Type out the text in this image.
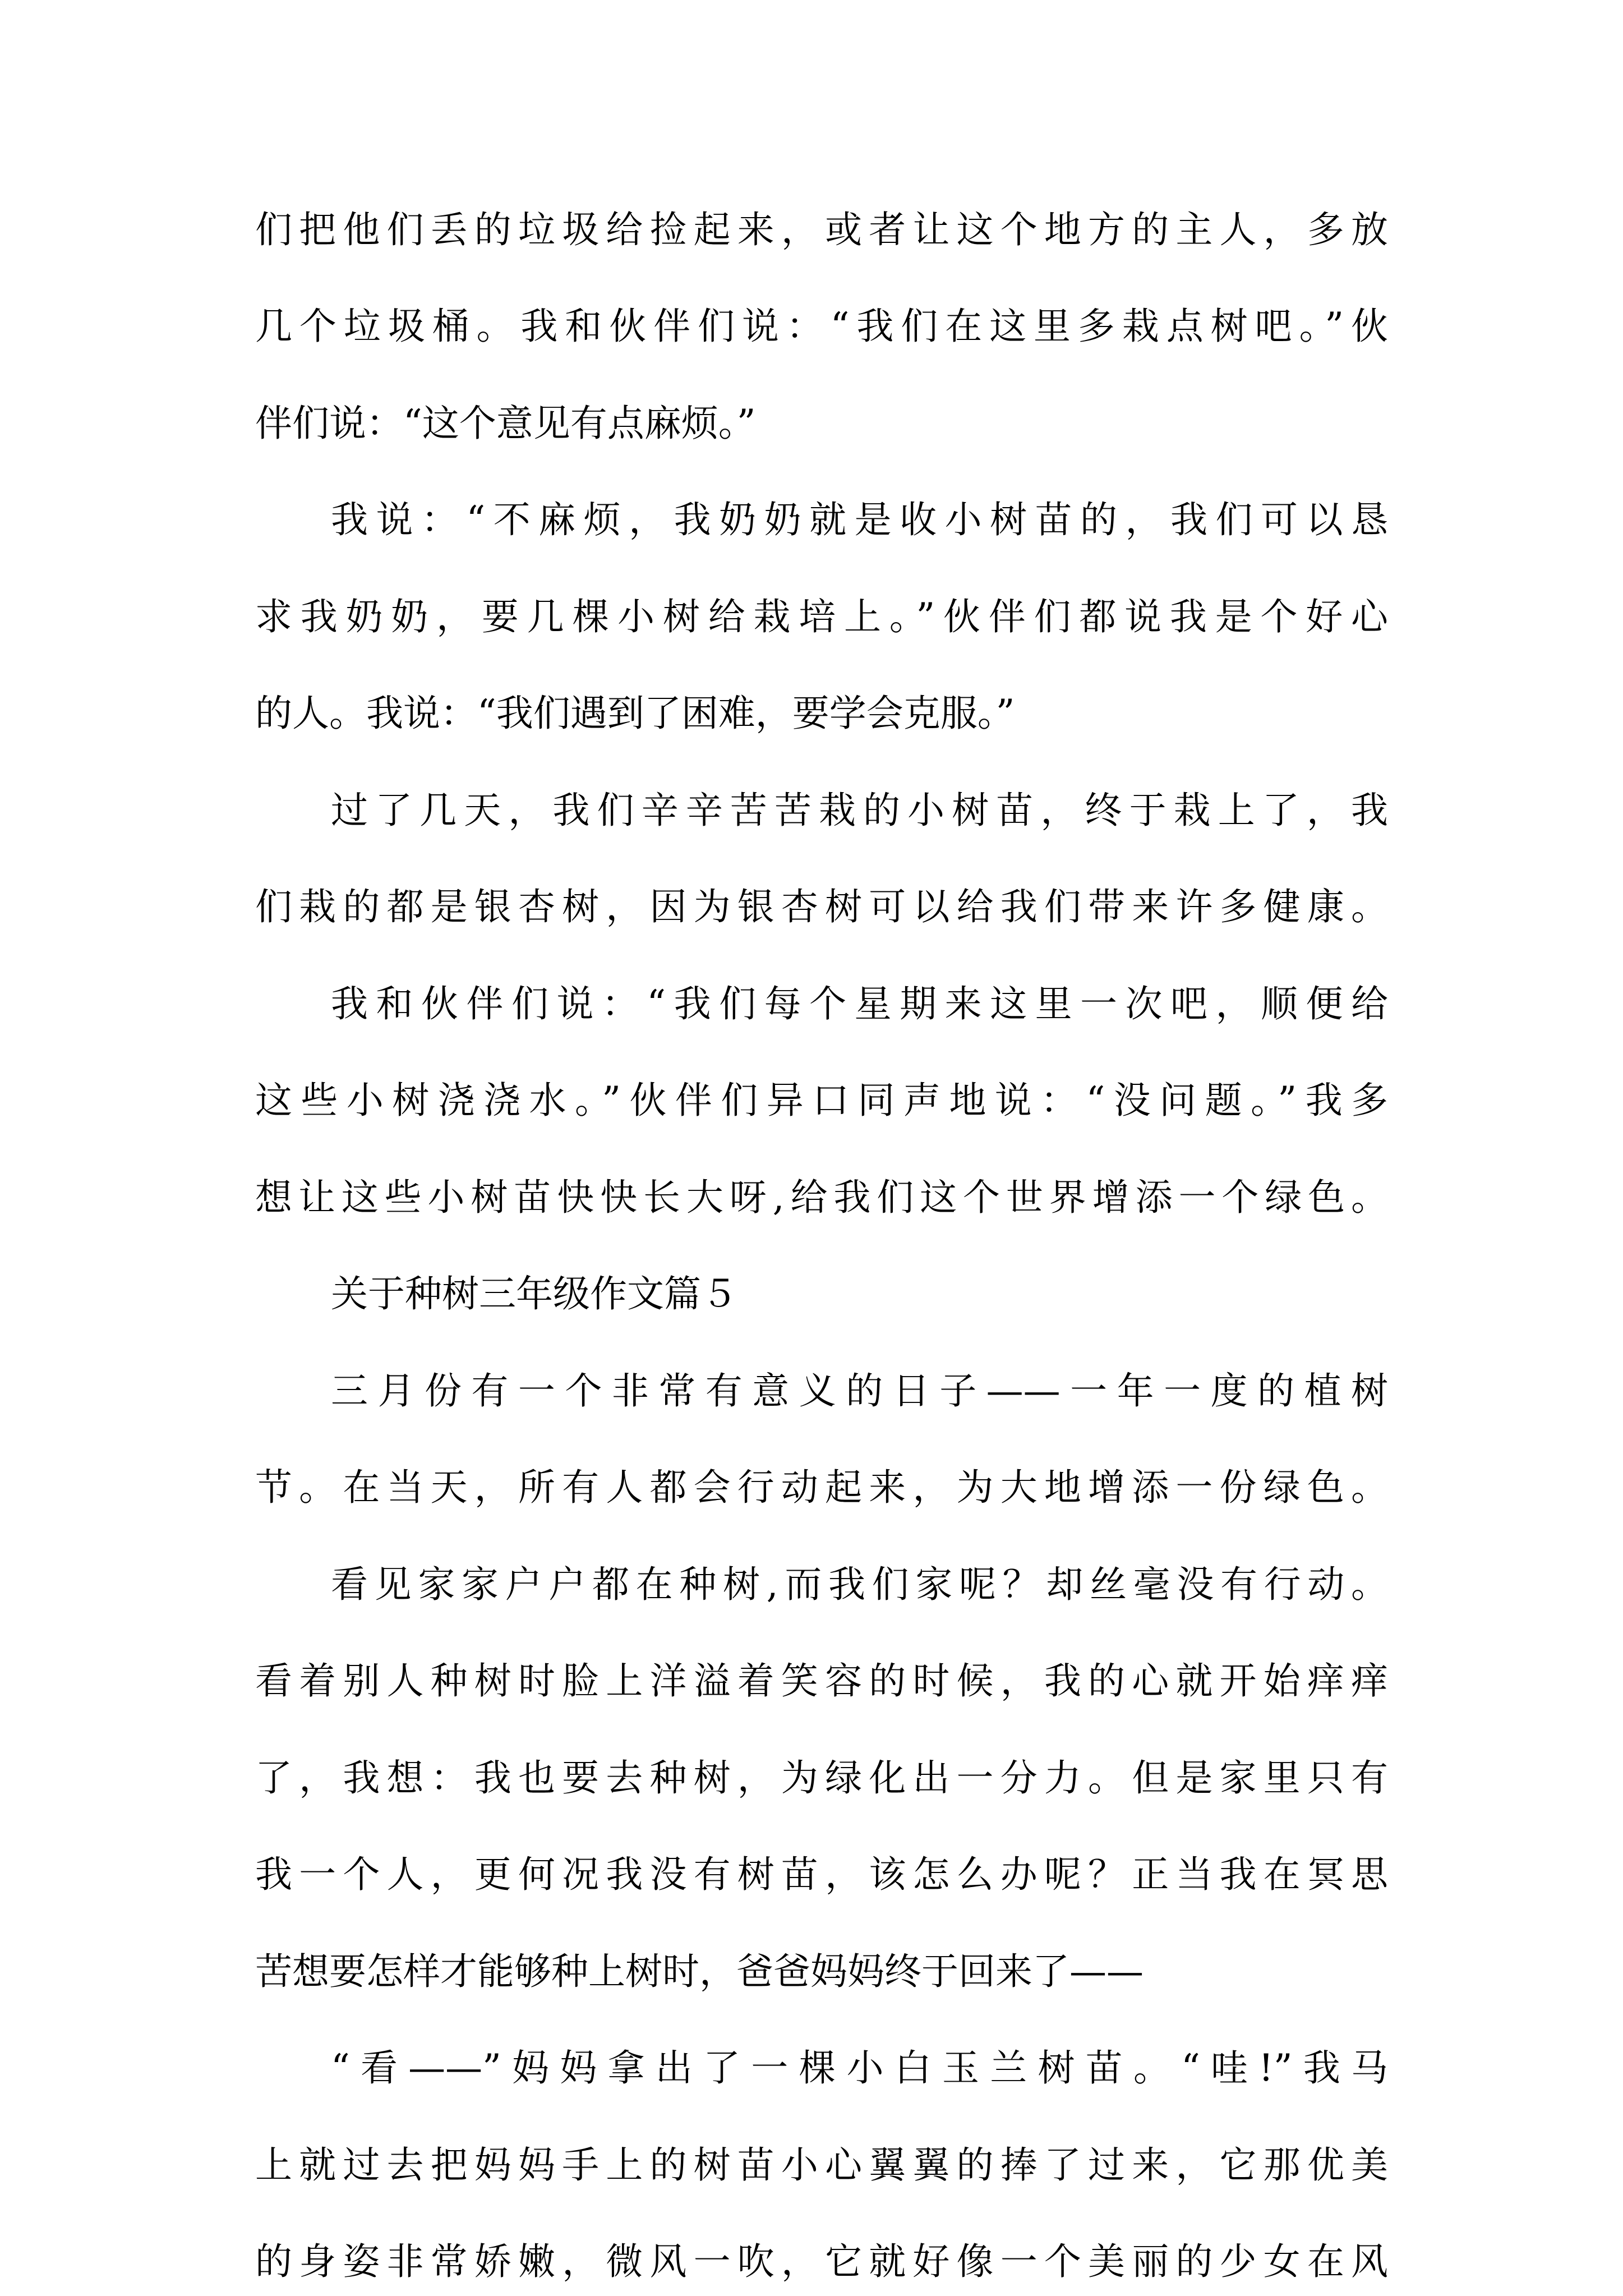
们把他们丢的垃圾给捡起来，或者让这个地方的主人，多放
几个垃圾桶。我和伙伴们说：“我们在这里多栽点树吧。”伙
伴们说：“这个意见有点麻烦。”
我说：“不麻烦，我奶奶就是收小树苗的，我们可以恳
求我奶奶，要几棵小树给栽培上。”伙伴们都说我是个好心
的人。我说：“我们遇到了困难，要学会克服。”
过了几天，我们辛辛苦苦栽的小树苗，终于栽上了，我
们栽的都是银杏树，因为银杏树可以给我们带来许多健康。
我和伙伴们说：“我们每个星期来这里一次吧，顺便给
这些小树浇浇水。”伙伴们异口同声地说：“没问题。”我多
想让这些小树苗快快长大呀,给我们这个世界增添一个绿色。
关于种树三年级作文篇５
三月份有一个非常有意义的日子——一年一度的植树
节。在当天，所有人都会行动起来，为大地增添一份绿色。
看见家家户户都在种树,而我们家呢？却丝毫没有行动。
看着别人种树时脸上洋溢着笑容的时候，我的心就开始痒痒
了，我想：我也要去种树，为绿化出一分力。但是家里只有
我一个人，更何况我没有树苗，该怎么办呢？正当我在冥思
苦想要怎样才能够种上树时，爸爸妈妈终于回来了——
“看——”妈妈拿出了一棵小白玉兰树苗。“哇!”我马
上就过去把妈妈手上的树苗小心翼翼的捧了过来，它那优美
的身姿非常娇嫩，微风一吹，它就好像一个美丽的少女在风
